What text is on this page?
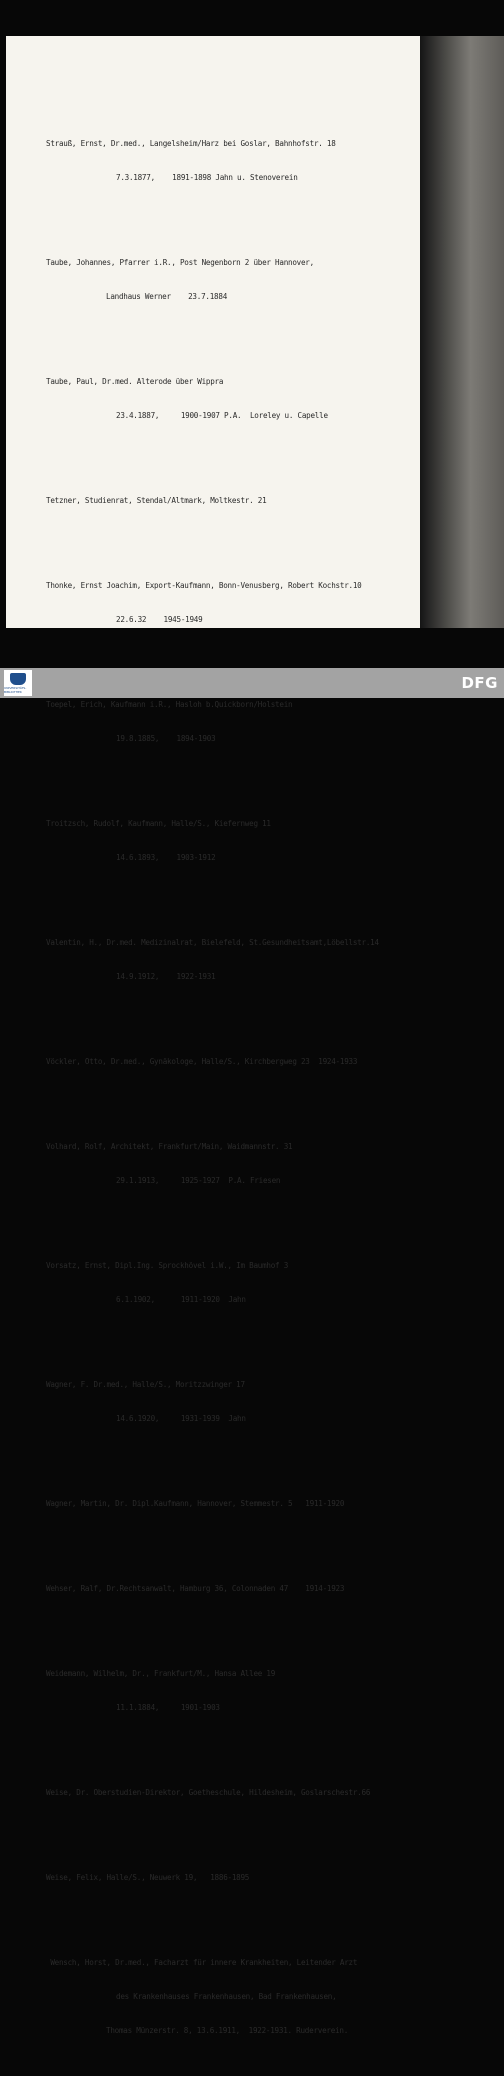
Strauß, Ernst, Dr.med., Langelsheim/Harz bei Goslar, Bahnhofstr. 18

7.3.1877,    1891-1898 Jahn u. Stenoverein

Taube, Johannes, Pfarrer i.R., Post Negenborn 2 über Hannover,

Landhaus Werner    23.7.1884

Taube, Paul, Dr.med. Alterode über Wippra

23.4.1887,     1900-1907 P.A.  Loreley u. Capelle

Tetzner, Studienrat, Stendal/Altmark, Moltkestr. 21

Thonke, Ernst Joachim, Export-Kaufmann, Bonn-Venusberg, Robert Kochstr.10

22.6.32    1945-1949

Toepel, Erich, Kaufmann i.R., Hasloh b.Quickborn/Holstein

19.8.1885,    1894-1903

Troitzsch, Rudolf, Kaufmann, Halle/S., Kiefernweg 11

14.6.1893,    1903-1912

Valentin, H., Dr.med. Medizinalrat, Bielefeld, St.Gesundheitsamt,Löbellstr.14

14.9.1912,    1922-1931

Vöckler, Otto, Dr.med., Gynäkologe, Halle/S., Kirchbergweg 23  1924-1933

Volhard, Rolf, Architekt, Frankfurt/Main, Waidmannstr. 31

29.1.1913,     1925-1927  P.A. Friesen

Vorsatz, Ernst, Dipl.Ing. Sprockhövel i.W., Im Baumhof 3

6.1.1902,      1911-1920  Jahn

Wagner, F. Dr.med., Halle/S., Moritzzwinger 17

14.6.1920,     1931-1939  Jahn

Wagner, Martin, Dr. Dipl.Kaufmann, Hannover, Stemmestr. 5   1911-1920

Wehser, Ralf, Dr.Rechtsanwalt, Hamburg 36, Colonnaden 47    1914-1923

Weidemann, Wilhelm, Dr., Frankfurt/M., Hansa Allee 19

11.1.1884,     1901-1903

Weise, Dr. Oberstudien-Direktor, Goetheschule, Hildesheim, Goslarschestr.66

Weise, Felix, Halle/S., Neuwerk 19,   1886-1895

Wensch, Horst, Dr.med., Facharzt für innere Krankheiten, Leitender Arzt

des Krankenhauses Frankenhausen, Bad Frankenhausen,

Thomas Münzerstr. 8, 13.6.1911,  1922-1931. Ruderverein.

UNIVERSITÄTS- BIBLIOTHEK	DFG
